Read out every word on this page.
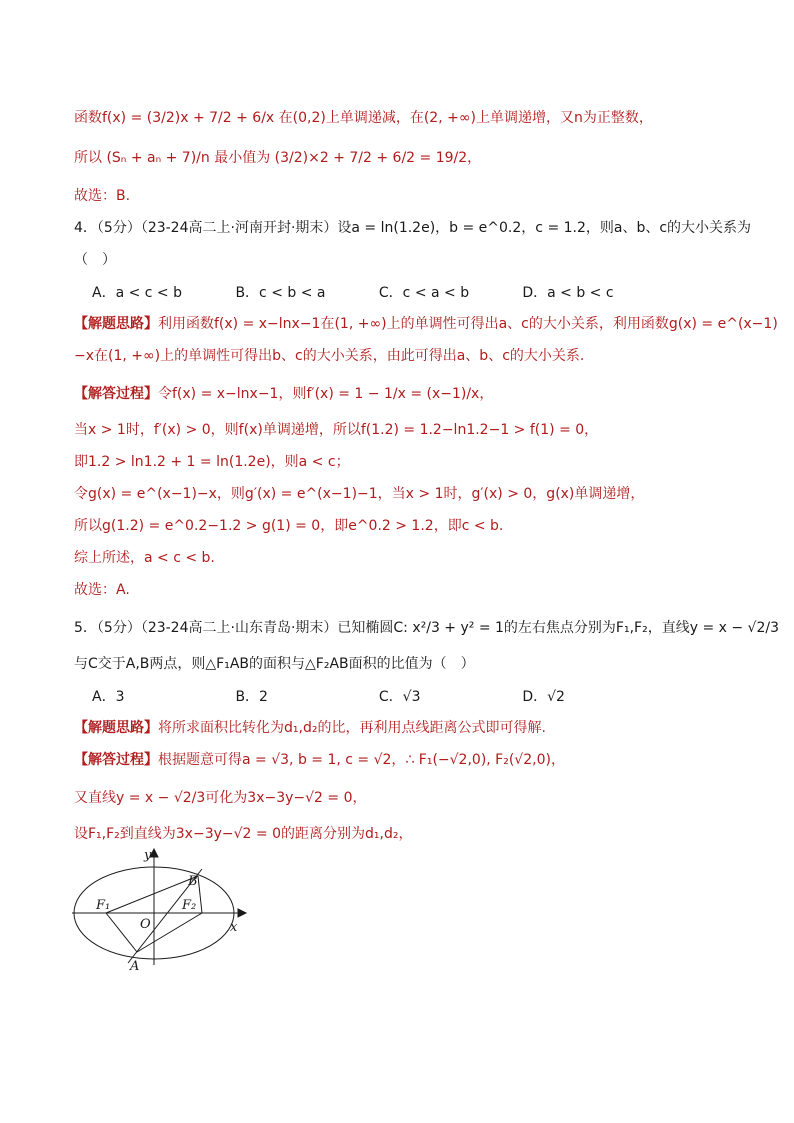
函数f(x) = (3/2)x + 7/2 + 6/x 在(0,2)上单调递减，在(2, +∞)上单调递增，又n为正整数，
所以 (Sₙ + aₙ + 7)/n 最小值为 (3/2)×2 + 7/2 + 6/2 = 19/2，
故选：B.
4．（5分）（23-24高二上·河南开封·期末）设a = ln(1.2e)，b = e^0.2，c = 1.2，则a、b、c的大小关系为
（　）
A．a < c < b	B．c < b < a	C．c < a < b	D．a < b < c
【解题思路】利用函数f(x) = x−lnx−1在(1, +∞)上的单调性可得出a、c的大小关系，利用函数g(x) = e^(x−1)
−x在(1, +∞)上的单调性可得出b、c的大小关系，由此可得出a、b、c的大小关系.
【解答过程】令f(x) = x−lnx−1，则f′(x) = 1 − 1/x = (x−1)/x，
当x > 1时，f′(x) > 0，则f(x)单调递增，所以f(1.2) = 1.2−ln1.2−1 > f(1) = 0，
即1.2 > ln1.2 + 1 = ln(1.2e)，则a < c；
令g(x) = e^(x−1)−x，则g′(x) = e^(x−1)−1，当x > 1时，g′(x) > 0，g(x)单调递增，
所以g(1.2) = e^0.2−1.2 > g(1) = 0，即e^0.2 > 1.2，即c < b.
综上所述，a < c < b.
故选：A.
5．（5分）（23-24高二上·山东青岛·期末）已知椭圆C: x²/3 + y² = 1的左右焦点分别为F₁,F₂，直线y = x − √2/3
与C交于A,B两点，则△F₁AB的面积与△F₂AB面积的比值为（　）
A．3	B．2	C．√3	D．√2
【解题思路】将所求面积比转化为d₁,d₂的比，再利用点线距离公式即可得解.
【解答过程】根据题意可得a = √3, b = 1, c = √2，∴ F₁(−√2,0), F₂(√2,0)，
又直线y = x − √2/3可化为3x−3y−√2 = 0，
设F₁,F₂到直线为3x−3y−√2 = 0的距离分别为d₁,d₂，
y
x
O
A
B
F₁	F₂
